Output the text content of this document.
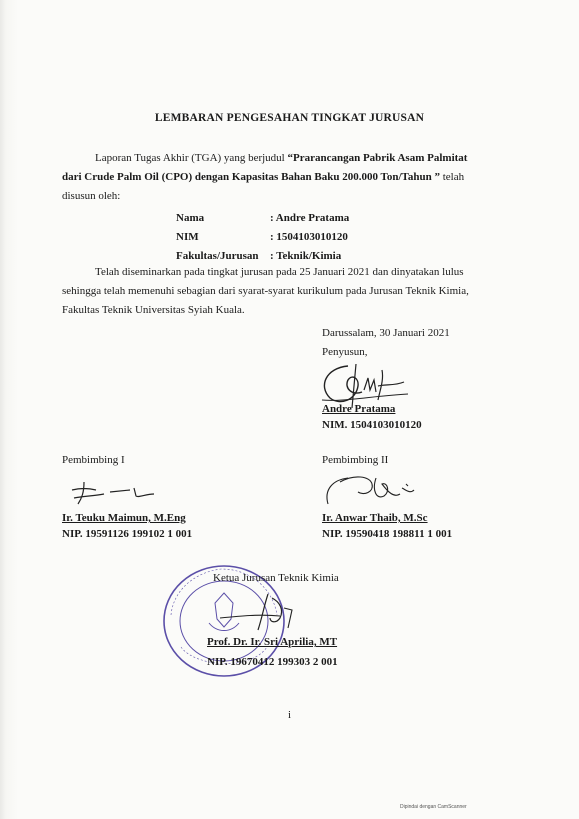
LEMBARAN PENGESAHAN TINGKAT JURUSAN
Laporan Tugas Akhir (TGA) yang berjudul “Prarancangan Pabrik Asam Palmitat
dari Crude Palm Oil (CPO) dengan Kapasitas Bahan Baku 200.000 Ton/Tahun ” telah
disusun oleh:
Nama	: Andre Pratama
NIM	: 1504103010120
Fakultas/Jurusan	: Teknik/Kimia
Telah diseminarkan pada tingkat jurusan pada 25 Januari 2021 dan dinyatakan lulus
sehingga telah memenuhi sebagian dari syarat-syarat kurikulum pada Jurusan Teknik Kimia,
Fakultas Teknik Universitas Syiah Kuala.
Darussalam, 30 Januari 2021
Penyusun,
Andre Pratama
NIM. 1504103010120
Pembimbing I
Ir. Teuku Maimun, M.Eng
NIP. 19591126 199102 1 001
Pembimbing II
Ir. Anwar Thaib, M.Sc
NIP. 19590418 198811 1 001
Ketua Jurusan Teknik Kimia
Prof. Dr. Ir. Sri Aprilia, MT
NIP. 19670412 199303 2 001
i
Dipindai dengan CamScanner
